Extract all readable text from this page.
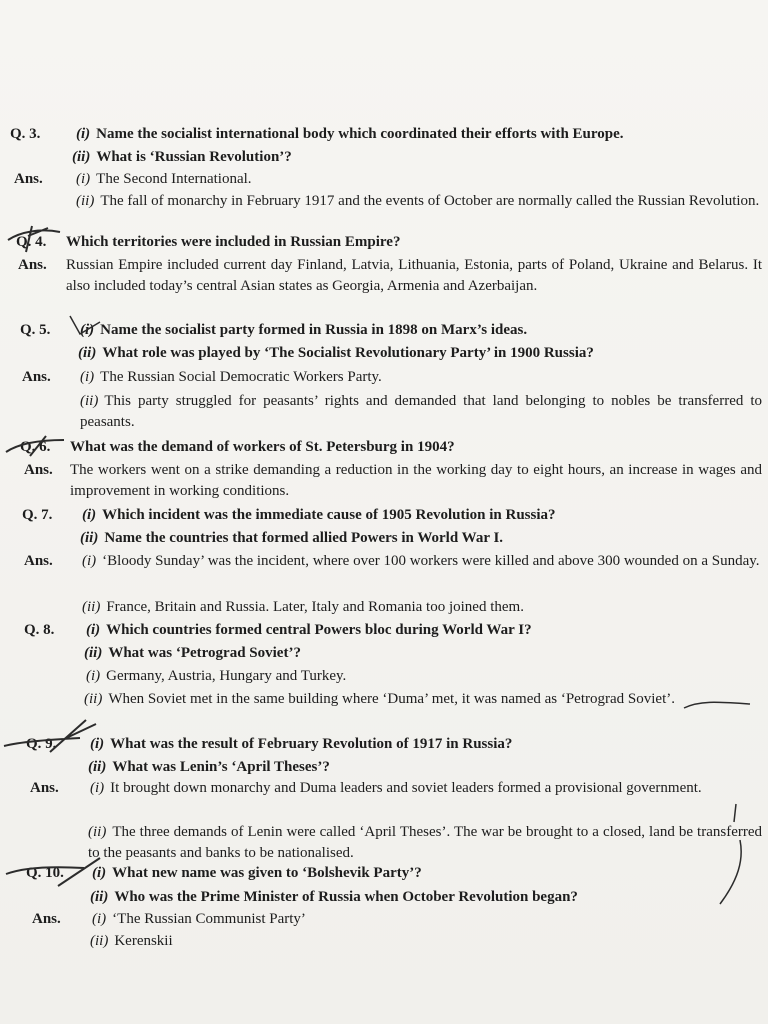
Q. 3. (i) Name the socialist international body which coordinated their efforts with Europe.
(ii) What is ‘Russian Revolution’?
Ans. (i) The Second International.
(ii) The fall of monarchy in February 1917 and the events of October are normally called the Russian Revolution.
Q. 4. Which territories were included in Russian Empire?
Ans. Russian Empire included current day Finland, Latvia, Lithuania, Estonia, parts of Poland, Ukraine and Belarus. It also included today’s central Asian states as Georgia, Armenia and Azerbaijan.
Q. 5. (i) Name the socialist party formed in Russia in 1898 on Marx’s ideas.
(ii) What role was played by ‘The Socialist Revolutionary Party’ in 1900 Russia?
Ans. (i) The Russian Social Democratic Workers Party.
(ii) This party struggled for peasants’ rights and demanded that land belonging to nobles be transferred to peasants.
Q. 6. What was the demand of workers of St. Petersburg in 1904?
Ans. The workers went on a strike demanding a reduction in the working day to eight hours, an increase in wages and improvement in working conditions.
Q. 7. (i) Which incident was the immediate cause of 1905 Revolution in Russia?
(ii) Name the countries that formed allied Powers in World War I.
Ans. (i) ‘Bloody Sunday’ was the incident, where over 100 workers were killed and above 300 wounded on a Sunday.
(ii) France, Britain and Russia. Later, Italy and Romania too joined them.
Q. 8. (i) Which countries formed central Powers bloc during World War I?
(ii) What was ‘Petrograd Soviet’?
(i) Germany, Austria, Hungary and Turkey.
(ii) When Soviet met in the same building where ‘Duma’ met, it was named as ‘Petrograd Soviet’.
Q. 9. (i) What was the result of February Revolution of 1917 in Russia?
(ii) What was Lenin’s ‘April Theses’?
Ans. (i) It brought down monarchy and Duma leaders and soviet leaders formed a provisional government.
(ii) The three demands of Lenin were called ‘April Theses’. The war be brought to a closed, land be transferred to the peasants and banks to be nationalised.
Q. 10. (i) What new name was given to ‘Bolshevik Party’?
(ii) Who was the Prime Minister of Russia when October Revolution began?
Ans. (i) ‘The Russian Communist Party’
(ii) Kerenskii
